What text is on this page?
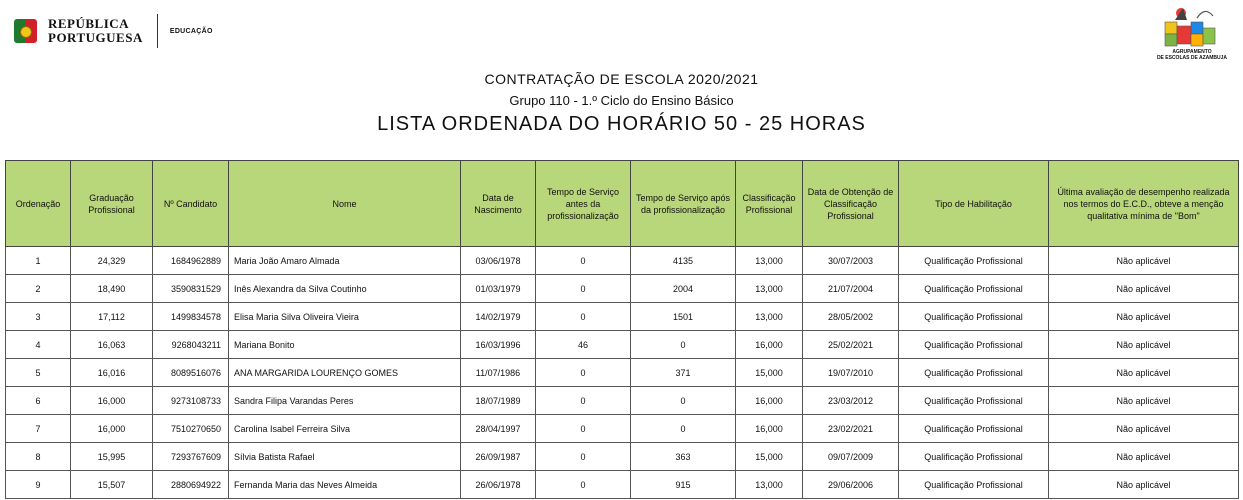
REPÚBLICA
PORTUGUESA	EDUCAÇÃO
AGRUPAMENTO
DE ESCOLAS DE AZAMBUJA
CONTRATAÇÃO DE ESCOLA 2020/2021
Grupo 110 - 1.º Ciclo do Ensino Básico
LISTA ORDENADA DO HORÁRIO 50 - 25 HORAS
Ordenação	Graduação Profissional	Nº Candidato	Nome	Data de Nascimento	Tempo de Serviço antes da profissionalização	Tempo de Serviço após da profissionalização	Classificação Profissional	Data de Obtenção de Classificação Profissional	Tipo de Habilitação	Última avaliação de desempenho realizada nos termos do E.C.D., obteve a menção qualitativa mínima de "Bom"
1	24,329	1684962889	Maria João Amaro Almada	03/06/1978	0	4135	13,000	30/07/2003	Qualificação Profissional	Não aplicável
2	18,490	3590831529	Inês Alexandra da Silva Coutinho	01/03/1979	0	2004	13,000	21/07/2004	Qualificação Profissional	Não aplicável
3	17,112	1499834578	Elisa Maria Silva Oliveira Vieira	14/02/1979	0	1501	13,000	28/05/2002	Qualificação Profissional	Não aplicável
4	16,063	9268043211	Mariana Bonito	16/03/1996	46	0	16,000	25/02/2021	Qualificação Profissional	Não aplicável
5	16,016	8089516076	ANA MARGARIDA LOURENÇO GOMES	11/07/1986	0	371	15,000	19/07/2010	Qualificação Profissional	Não aplicável
6	16,000	9273108733	Sandra Filipa Varandas Peres	18/07/1989	0	0	16,000	23/03/2012	Qualificação Profissional	Não aplicável
7	16,000	7510270650	Carolina Isabel Ferreira Silva	28/04/1997	0	0	16,000	23/02/2021	Qualificação Profissional	Não aplicável
8	15,995	7293767609	Sílvia Batista Rafael	26/09/1987	0	363	15,000	09/07/2009	Qualificação Profissional	Não aplicável
9	15,507	2880694922	Fernanda Maria das Neves Almeida	26/06/1978	0	915	13,000	29/06/2006	Qualificação Profissional	Não aplicável
